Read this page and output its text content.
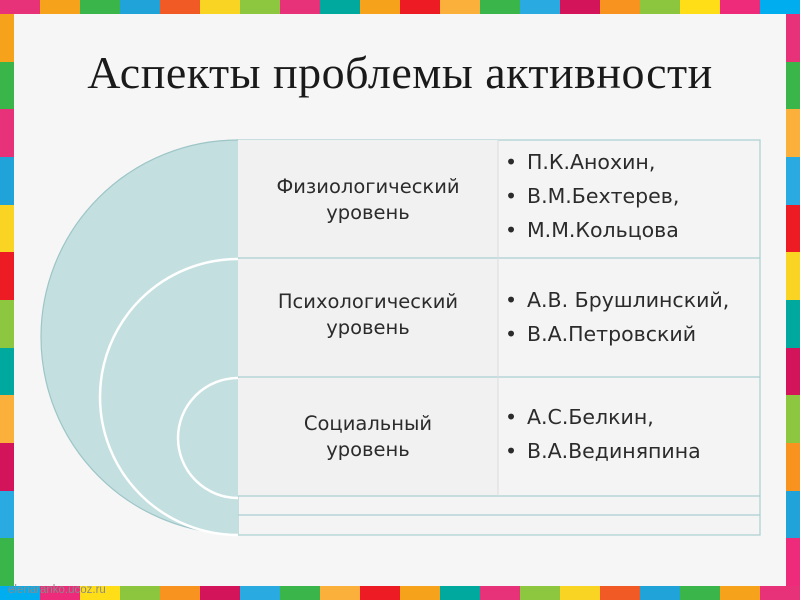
Аспекты проблемы активности
Физиологический
уровень
Психологический
уровень
Социальный
уровень
• П.К.Анохин,
• В.М.Бехтерев,
• М.М.Кольцова
• А.В. Брушлинский,
• В.А.Петровский
• А.С.Белкин,
• В.А.Вединяпина
elenaranko.ucoz.ru
